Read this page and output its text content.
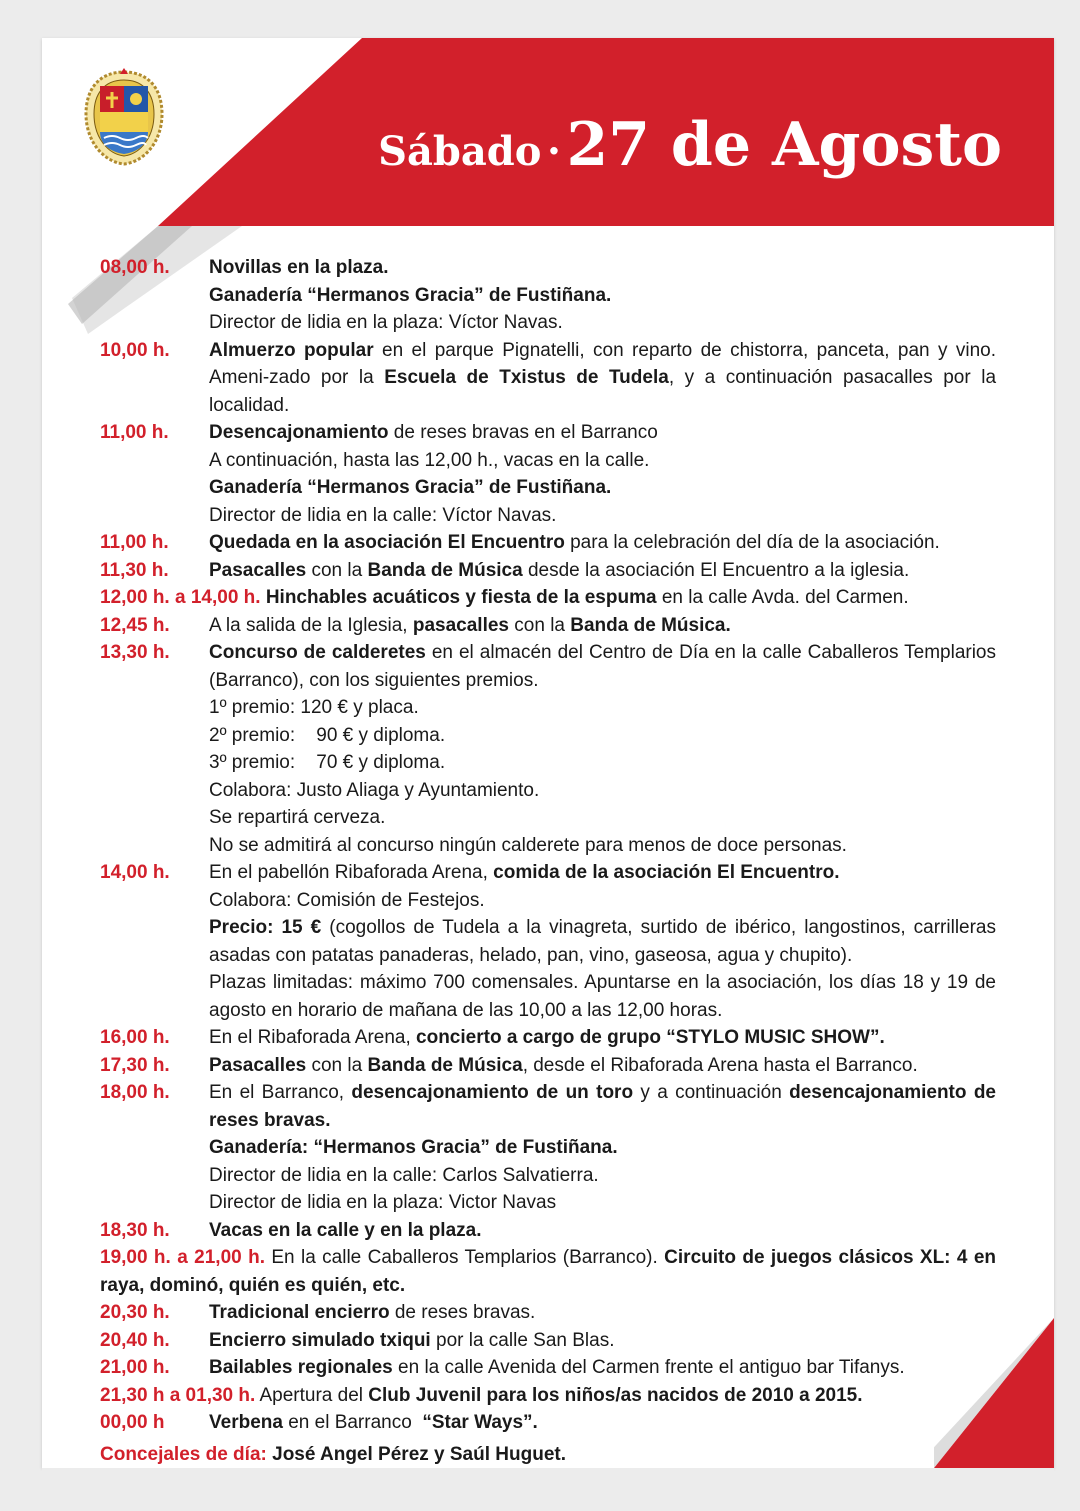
Sábado · 27 de Agosto
08,00 h. Novillas en la plaza.
Ganadería “Hermanos Gracia” de Fustiñana.
Director de lidia en la plaza: Víctor Navas.
10,00 h. Almuerzo popular en el parque Pignatelli, con reparto de chistorra, panceta, pan y vino. Ameni-zado por la Escuela de Txistus de Tudela, y a continuación pasacalles por la localidad.
11,00 h. Desencajonamiento de reses bravas en el Barranco
A continuación, hasta las 12,00 h., vacas en la calle.
Ganadería “Hermanos Gracia” de Fustiñana.
Director de lidia en la calle: Víctor Navas.
11,00 h. Quedada en la asociación El Encuentro para la celebración del día de la asociación.
11,30 h. Pasacalles con la Banda de Música desde la asociación El Encuentro a la iglesia.
12,00 h. a 14,00 h. Hinchables acuáticos y fiesta de la espuma en la calle Avda. del Carmen.
12,45 h. A la salida de la Iglesia, pasacalles con la Banda de Música.
13,30 h. Concurso de calderetes en el almacén del Centro de Día en la calle Caballeros Templarios (Barranco), con los siguientes premios.
1º premio: 120 € y placa.
2º premio:    90 € y diploma.
3º premio:    70 € y diploma.
Colabora: Justo Aliaga y Ayuntamiento.
Se repartirá cerveza.
No se admitirá al concurso ningún calderete para menos de doce personas.
14,00 h. En el pabellón Ribaforada Arena, comida de la asociación El Encuentro.
Colabora: Comisión de Festejos.
Precio: 15 € (cogollos de Tudela a la vinagreta, surtido de ibérico, langostinos, carrilleras asadas con patatas panaderas, helado, pan, vino, gaseosa, agua y chupito).
Plazas limitadas: máximo 700 comensales. Apuntarse en la asociación, los días 18 y 19 de agosto en horario de mañana de las 10,00 a las 12,00 horas.
16,00 h. En el Ribaforada Arena, concierto a cargo de grupo “STYLO MUSIC SHOW”.
17,30 h. Pasacalles con la Banda de Música, desde el Ribaforada Arena hasta el Barranco.
18,00 h. En el Barranco, desencajonamiento de un toro y a continuación desencajonamiento de reses bravas.
Ganadería: “Hermanos Gracia” de Fustiñana.
Director de lidia en la calle: Carlos Salvatierra.
Director de lidia en la plaza: Victor Navas
18,30 h. Vacas en la calle y en la plaza.
19,00 h. a 21,00 h. En la calle Caballeros Templarios (Barranco). Circuito de juegos clásicos XL: 4 en raya, dominó, quién es quién, etc.
20,30 h. Tradicional encierro de reses bravas.
20,40 h. Encierro simulado txiqui por la calle San Blas.
21,00 h. Bailables regionales en la calle Avenida del Carmen frente el antiguo bar Tifanys.
21,30 h a 01,30 h. Apertura del Club Juvenil para los niños/as nacidos de 2010 a 2015.
00,00 h Verbena en el Barranco  “Star Ways”.
Concejales de día: José Angel Pérez y Saúl Huguet.
